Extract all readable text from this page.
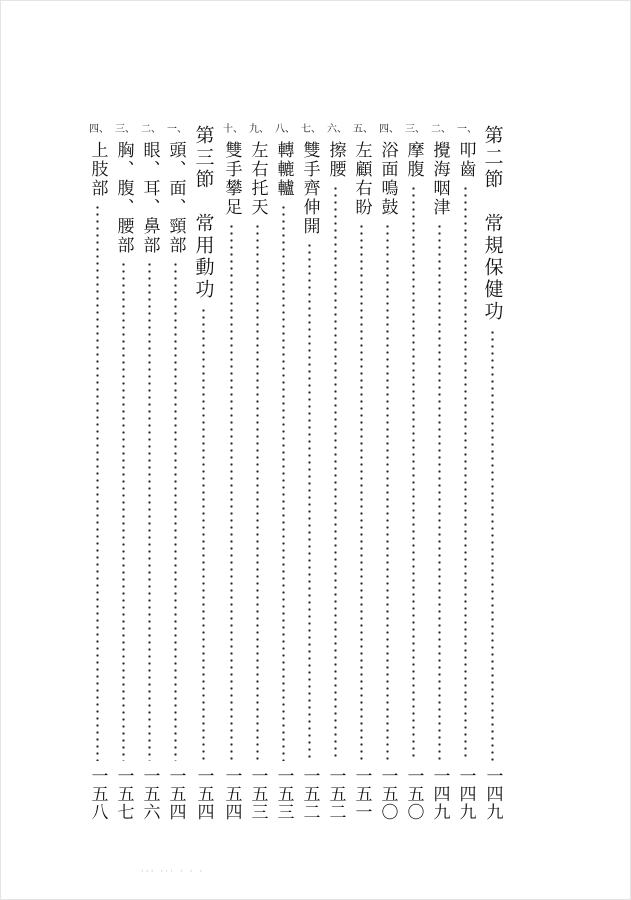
第二節　常規保健功
一四九
一、
叩齒
一四九
二、
攪海咽津
一四九
三、
摩腹
一五〇
四、
浴面鳴鼓
一五〇
五、
左顧右盼
一五一
六、
擦腰
一五二
七、
雙手齊伸開
一五二
八、
轉轆轤
一五三
九、
左右托天
一五三
十、
雙手攀足
一五四
第三節　常用動功
一五四
一、
頭、面、頸部
一五四
二、
眼、耳、鼻部
一五六
三、
胸、腹、腰部
一五七
四、
上肢部
一五八
··· ··· · · ·
